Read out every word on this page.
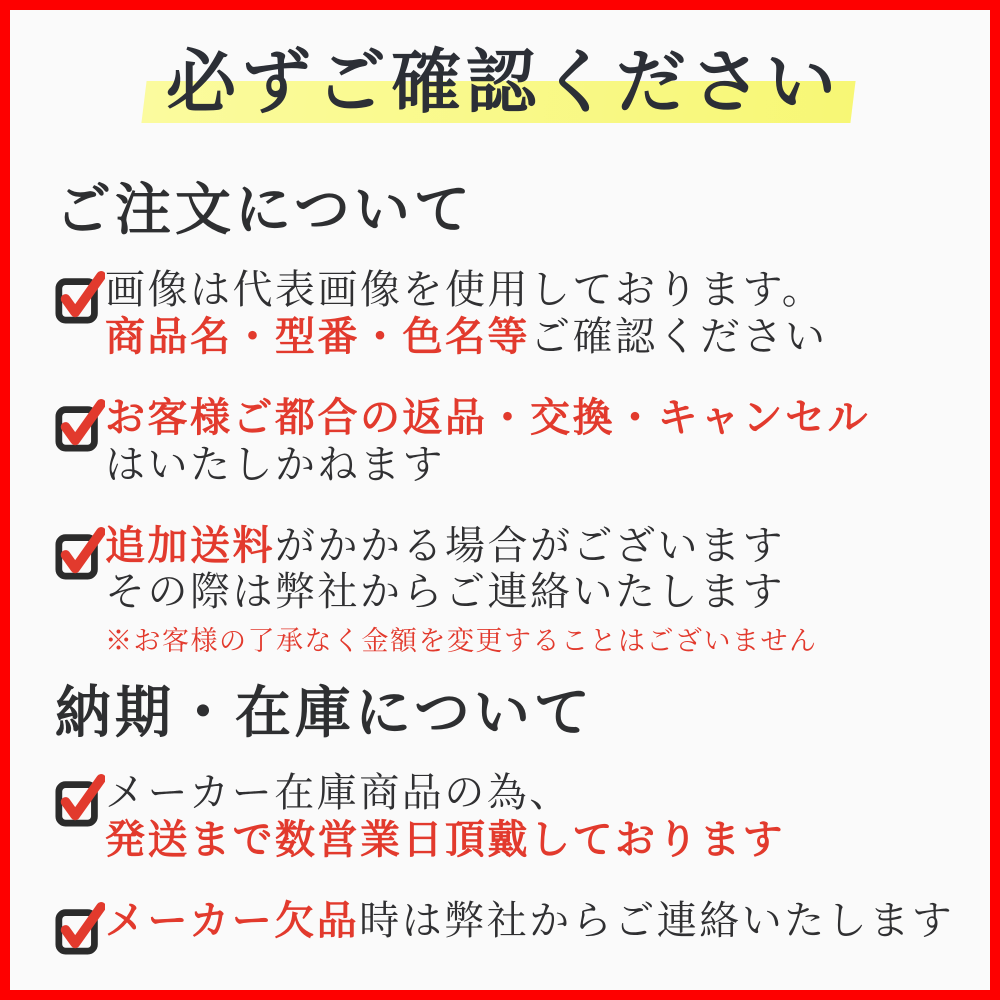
必ずご確認ください
ご注文について

画像は代表画像を使用しております。

商品名・型番・色名等ご確認ください

お客様ご都合の返品・交換・キャンセル

はいたしかねます

追加送料がかかる場合がございます

その際は弊社からご連絡いたします

※お客様の了承なく金額を変更することはございません
納期・在庫について

メーカー在庫商品の為、

発送まで数営業日頂戴しております

メーカー欠品時は弊社からご連絡いたします
